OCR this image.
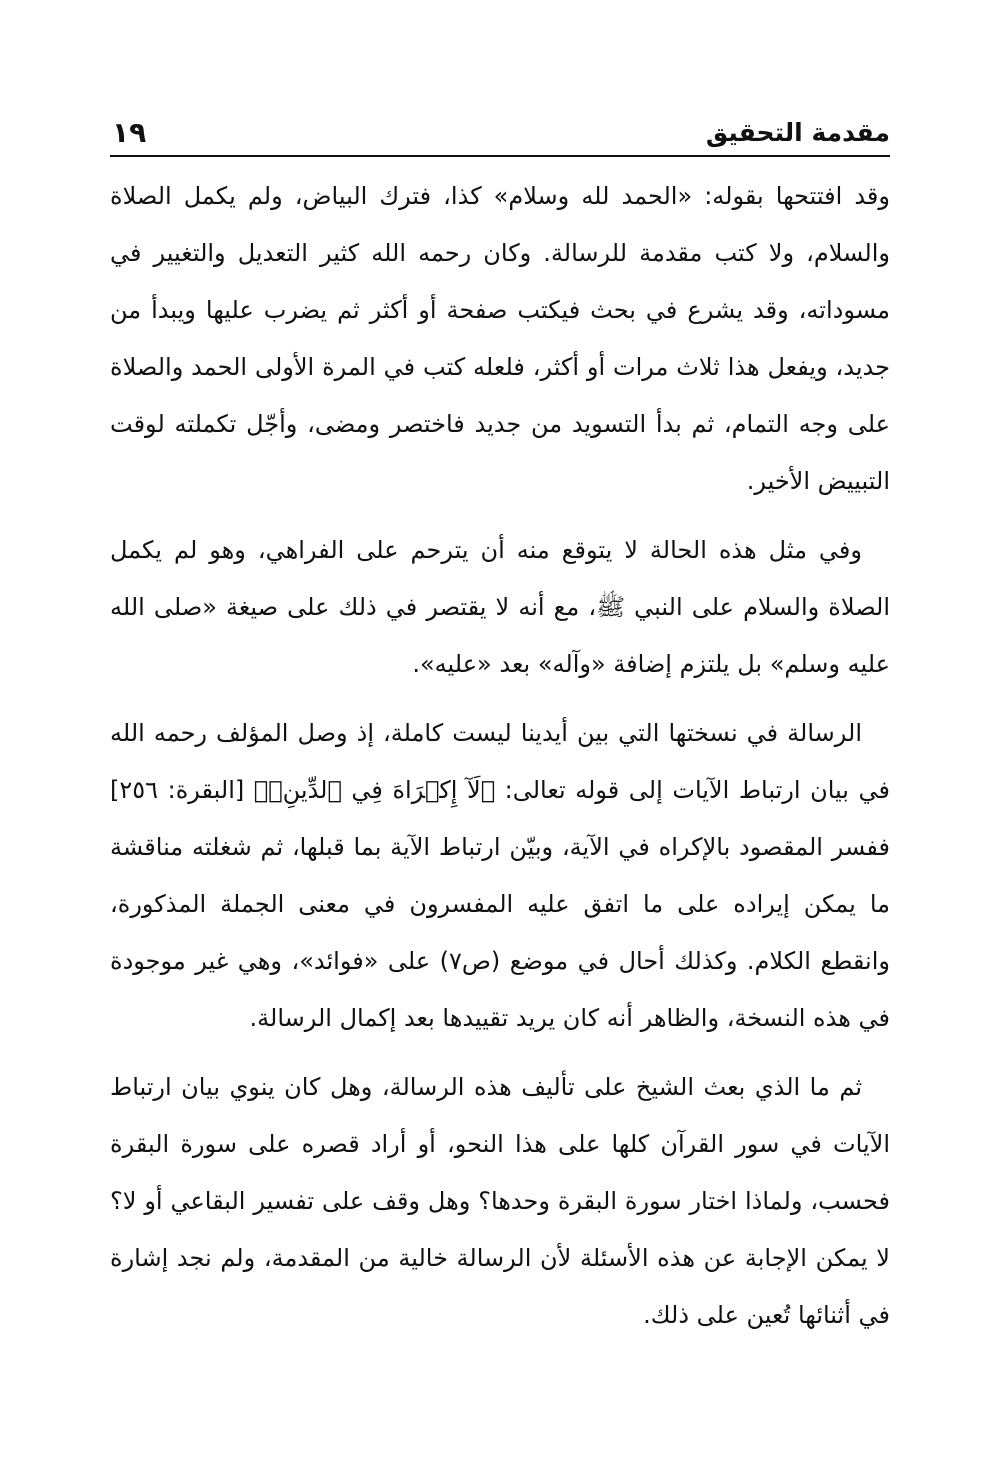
مقدمة التحقيق
١٩

وقد افتتحها بقوله: «الحمد لله وسلام» كذا، فترك البياض، ولم يكمل الصلاة والسلام، ولا كتب مقدمة للرسالة. وكان رحمه الله كثير التعديل والتغيير في مسوداته، وقد يشرع في بحث فيكتب صفحة أو أكثر ثم يضرب عليها ويبدأ من جديد، ويفعل هذا ثلاث مرات أو أكثر، فلعله كتب في المرة الأولى الحمد والصلاة على وجه التمام، ثم بدأ التسويد من جديد فاختصر ومضى، وأجّل تكملته لوقت التبييض الأخير.

وفي مثل هذه الحالة لا يتوقع منه أن يترحم على الفراهي، وهو لم يكمل الصلاة والسلام على النبي ﷺ، مع أنه لا يقتصر في ذلك على صيغة «صلى الله عليه وسلم» بل يلتزم إضافة «وآله» بعد «عليه».

الرسالة في نسختها التي بين أيدينا ليست كاملة، إذ وصل المؤلف رحمه الله في بيان ارتباط الآيات إلى قوله تعالى: ﴿لَآ إِكۡرَاهَ فِي ٱلدِّينِۖ﴾ [البقرة: ٢٥٦] ففسر المقصود بالإكراه في الآية، وبيّن ارتباط الآية بما قبلها، ثم شغلته مناقشة ما يمكن إيراده على ما اتفق عليه المفسرون في معنى الجملة المذكورة، وانقطع الكلام. وكذلك أحال في موضع (ص٧) على «فوائد»، وهي غير موجودة في هذه النسخة، والظاهر أنه كان يريد تقييدها بعد إكمال الرسالة.

ثم ما الذي بعث الشيخ على تأليف هذه الرسالة، وهل كان ينوي بيان ارتباط الآيات في سور القرآن كلها على هذا النحو، أو أراد قصره على سورة البقرة فحسب، ولماذا اختار سورة البقرة وحدها؟ وهل وقف على تفسير البقاعي أو لا؟ لا يمكن الإجابة عن هذه الأسئلة لأن الرسالة خالية من المقدمة، ولم نجد إشارة في أثنائها تُعين على ذلك.
